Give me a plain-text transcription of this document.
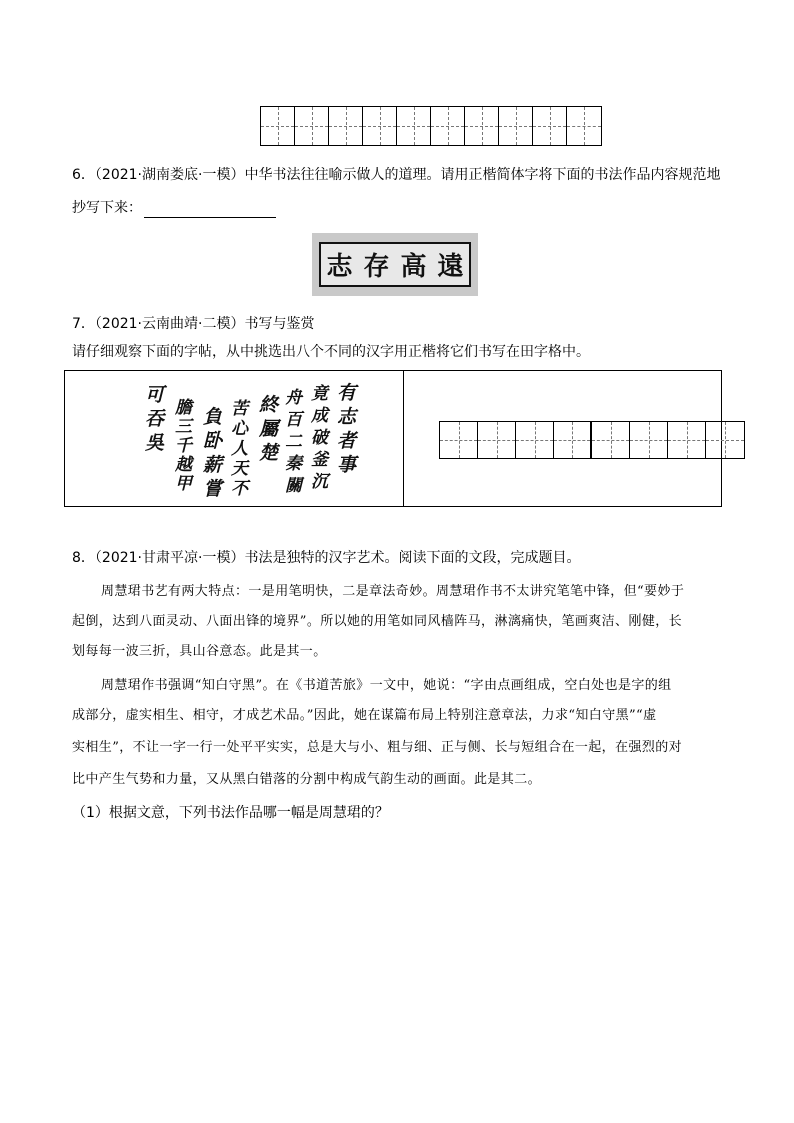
6．（2021·湖南娄底·一模）中华书法往往喻示做人的道理。请用正楷简体字将下面的书法作品内容规范地
抄写下来：
志 存 高 遠
7．（2021·云南曲靖·二模）书写与鉴赏
请仔细观察下面的字帖，从中挑选出八个不同的汉字用正楷将它们书写在田字格中。
有志者事
竟成破釜沉
舟百二秦關
終屬楚
苦心人天不
負卧薪嘗
膽三千越甲
可吞吳
8．（2021·甘肃平凉·一模）书法是独特的汉字艺术。阅读下面的文段，完成题目。
周慧珺书艺有两大特点：一是用笔明快，二是章法奇妙。周慧珺作书不太讲究笔笔中锋，但“要妙于
起倒，达到八面灵动、八面出锋的境界”。所以她的用笔如同风樯阵马，淋漓痛快，笔画爽洁、刚健，长
划每每一波三折，具山谷意态。此是其一。
周慧珺作书强调“知白守黑”。在《书道苦旅》一文中，她说：“字由点画组成，空白处也是字的组
成部分，虚实相生、相守，才成艺术品。”因此，她在谋篇布局上特别注意章法，力求“知白守黑”“虚
实相生”，不让一字一行一处平平实实，总是大与小、粗与细、正与侧、长与短组合在一起，在强烈的对
比中产生气势和力量，又从黑白错落的分割中构成气韵生动的画面。此是其二。
（1）根据文意，下列书法作品哪一幅是周慧珺的？
